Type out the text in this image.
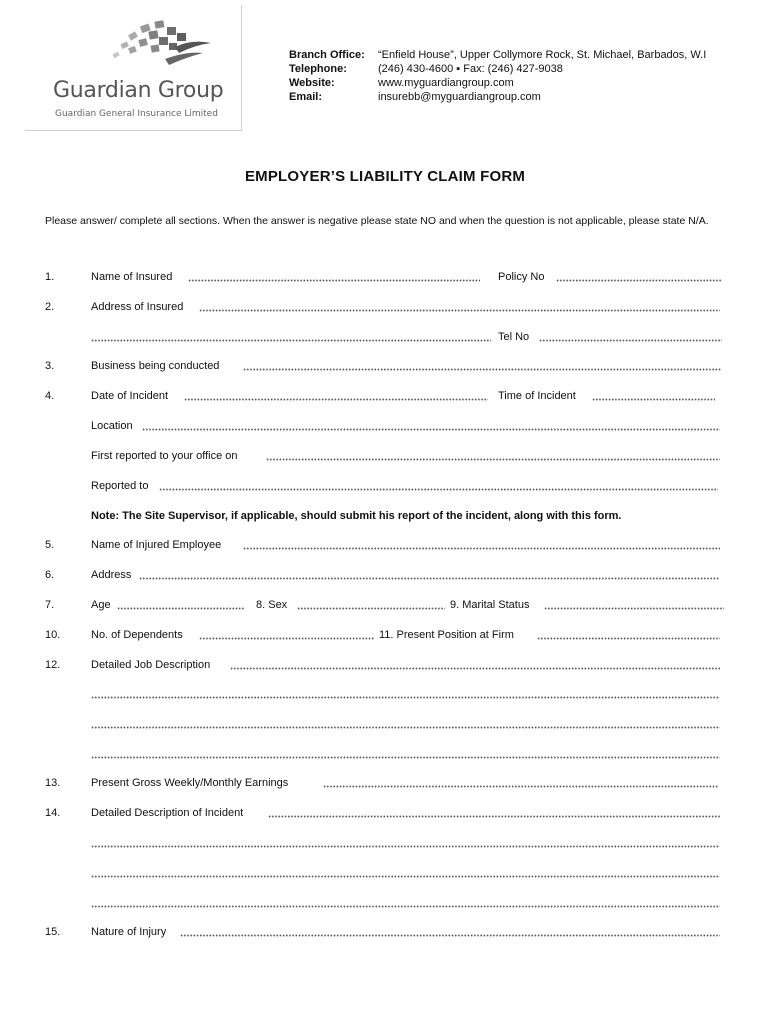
Guardian Group
Guardian General Insurance Limited
Branch Office: “Enfield House”, Upper Collymore Rock, St. Michael, Barbados, W.I
Telephone:	(246) 430-4600 ▪ Fax: (246) 427-9038
Website:	www.myguardiangroup.com
Email:	insurebb@myguardiangroup.com
EMPLOYER’S LIABILITY CLAIM FORM
Please answer/ complete all sections. When the answer is negative please state NO and when the question is not applicable, please state N/A.
1.	Name of Insured	Policy No
2.	Address of Insured
Tel No
3.	Business being conducted
4.	Date of Incident	Time of Incident
Location
First reported to your office on
Reported to
Note: The Site Supervisor, if applicable, should submit his report of the incident, along with this form.
5.	Name of Injured Employee
6.	Address
7.	Age	8. Sex	9. Marital Status
10.	No. of Dependents	11. Present Position at Firm
12.	Detailed Job Description
13.	Present Gross Weekly/Monthly Earnings
14.	Detailed Description of Incident
15.	Nature of Injury
